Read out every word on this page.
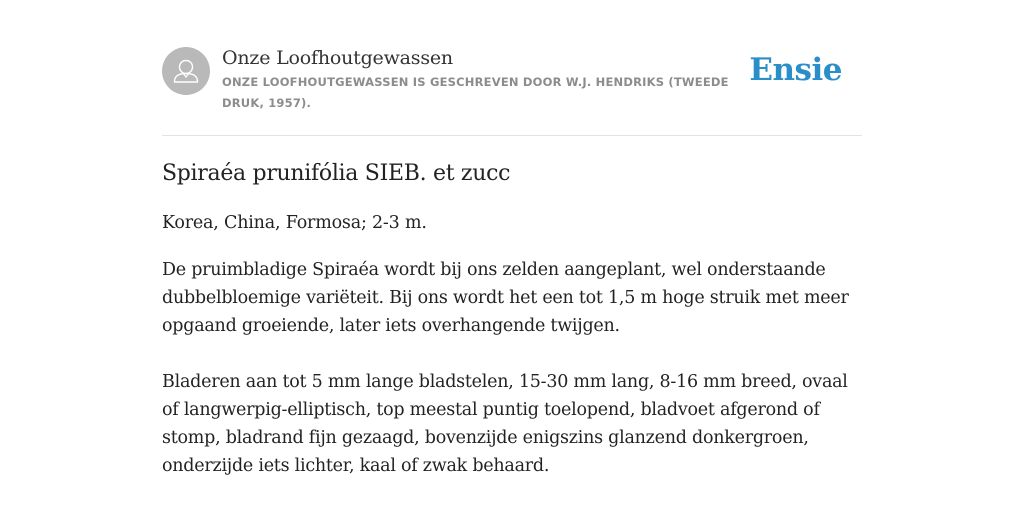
Onze Loofhoutgewassen
ONZE LOOFHOUTGEWASSEN IS GESCHREVEN DOOR W.J. HENDRIKS (TWEEDE DRUK, 1957).
Ensie
Spiraéa prunifólia SIEB. et zucc

Korea, China, Formosa; 2-3 m.

De pruimbladige Spiraéa wordt bij ons zelden aangeplant, wel onderstaande dubbelbloemige variëteit. Bij ons wordt het een tot 1,5 m hoge struik met meer opgaand groeiende, later iets overhangende twijgen.

Bladeren aan tot 5 mm lange bladstelen, 15-30 mm lang, 8-16 mm breed, ovaal of langwerpig-elliptisch, top meestal puntig toelopend, bladvoet afgerond of stomp, bladrand fijn gezaagd, bovenzijde enigszins glanzend donkergroen, onderzijde iets lichter, kaal of zwak behaard.
